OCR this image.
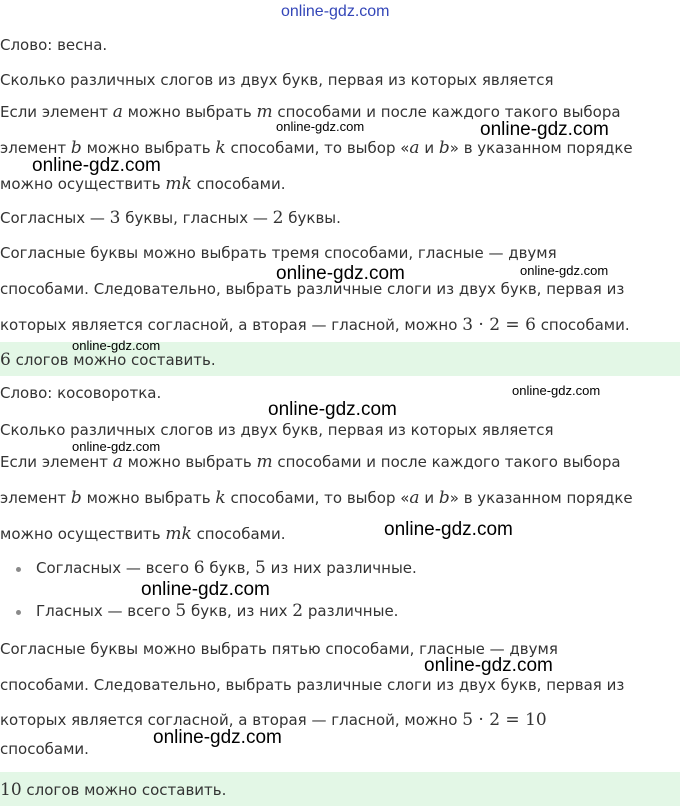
online-gdz.com
Слово: весна.
Сколько различных слогов из двух букв, первая из которых является
Если элемент a можно выбрать m способами и после каждого такого выбора
элемент b можно выбрать k способами, то выбор «a и b» в указанном порядке
можно осуществить mk способами.
Согласных — 3 буквы, гласных — 2 буквы.
Согласные буквы можно выбрать тремя способами, гласные — двумя
способами. Следовательно, выбрать различные слоги из двух букв, первая из
которых является согласной, а вторая — гласной, можно 3 · 2 = 6 способами.
6 слогов можно составить.
Слово: косоворотка.
Сколько различных слогов из двух букв, первая из которых является
Если элемент a можно выбрать m способами и после каждого такого выбора
элемент b можно выбрать k способами, то выбор «a и b» в указанном порядке
можно осуществить mk способами.
Согласных — всего 6 букв, 5 из них различные.
Гласных — всего 5 букв, из них 2 различные.
Согласные буквы можно выбрать пятью способами, гласные — двумя
способами. Следовательно, выбрать различные слоги из двух букв, первая из
которых является согласной, а вторая — гласной, можно 5 · 2 = 10
способами.
10 слогов можно составить.
online-gdz.com	online-gdz.com
online-gdz.com
online-gdz.com	online-gdz.com
online-gdz.com
online-gdz.com
online-gdz.com
online-gdz.com
online-gdz.com
online-gdz.com
online-gdz.com
online-gdz.com
